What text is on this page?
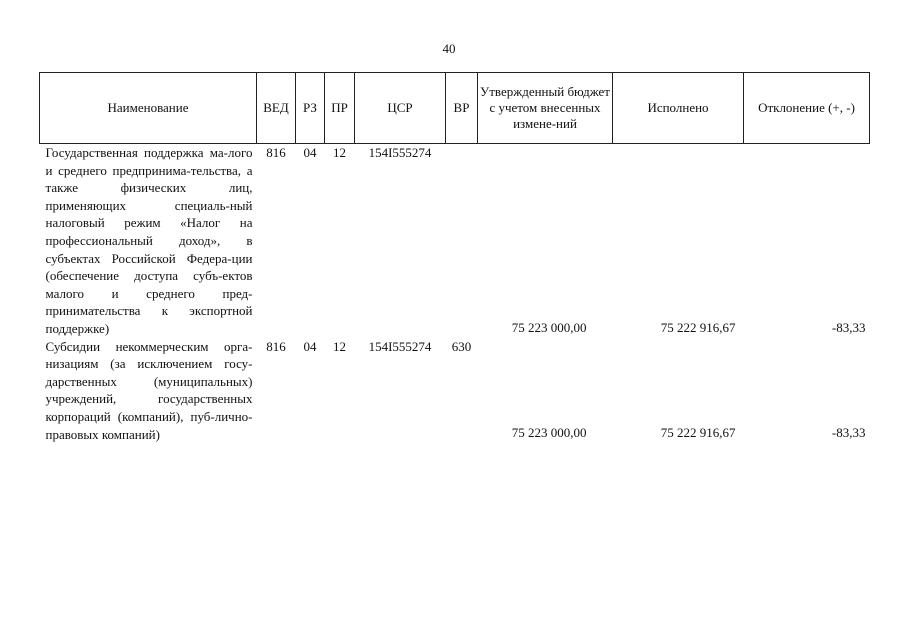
40
Наименование	ВЕД	РЗ	ПР	ЦСР	ВР	Утвержденный бюджет с учетом внесенных измене-ний	Исполнено	Отклонение (+, -)
Государственная поддержка ма-лого и среднего предпринима-тельства, а также физических лиц, применяющих специаль-ный налоговый режим «Налог на профессиональный доход», в субъектах Российской Федера-ции (обеспечение доступа субъ-ектов малого и среднего пред-принимательства к экспортной поддержке)	816	04	12	154I555274		75 223 000,00	75 222 916,67	-83,33
Субсидии некоммерческим орга-низациям (за исключением госу-дарственных (муниципальных) учреждений, государственных корпораций (компаний), пуб-лично-правовых компаний)	816	04	12	154I555274	630	75 223 000,00	75 222 916,67	-83,33
